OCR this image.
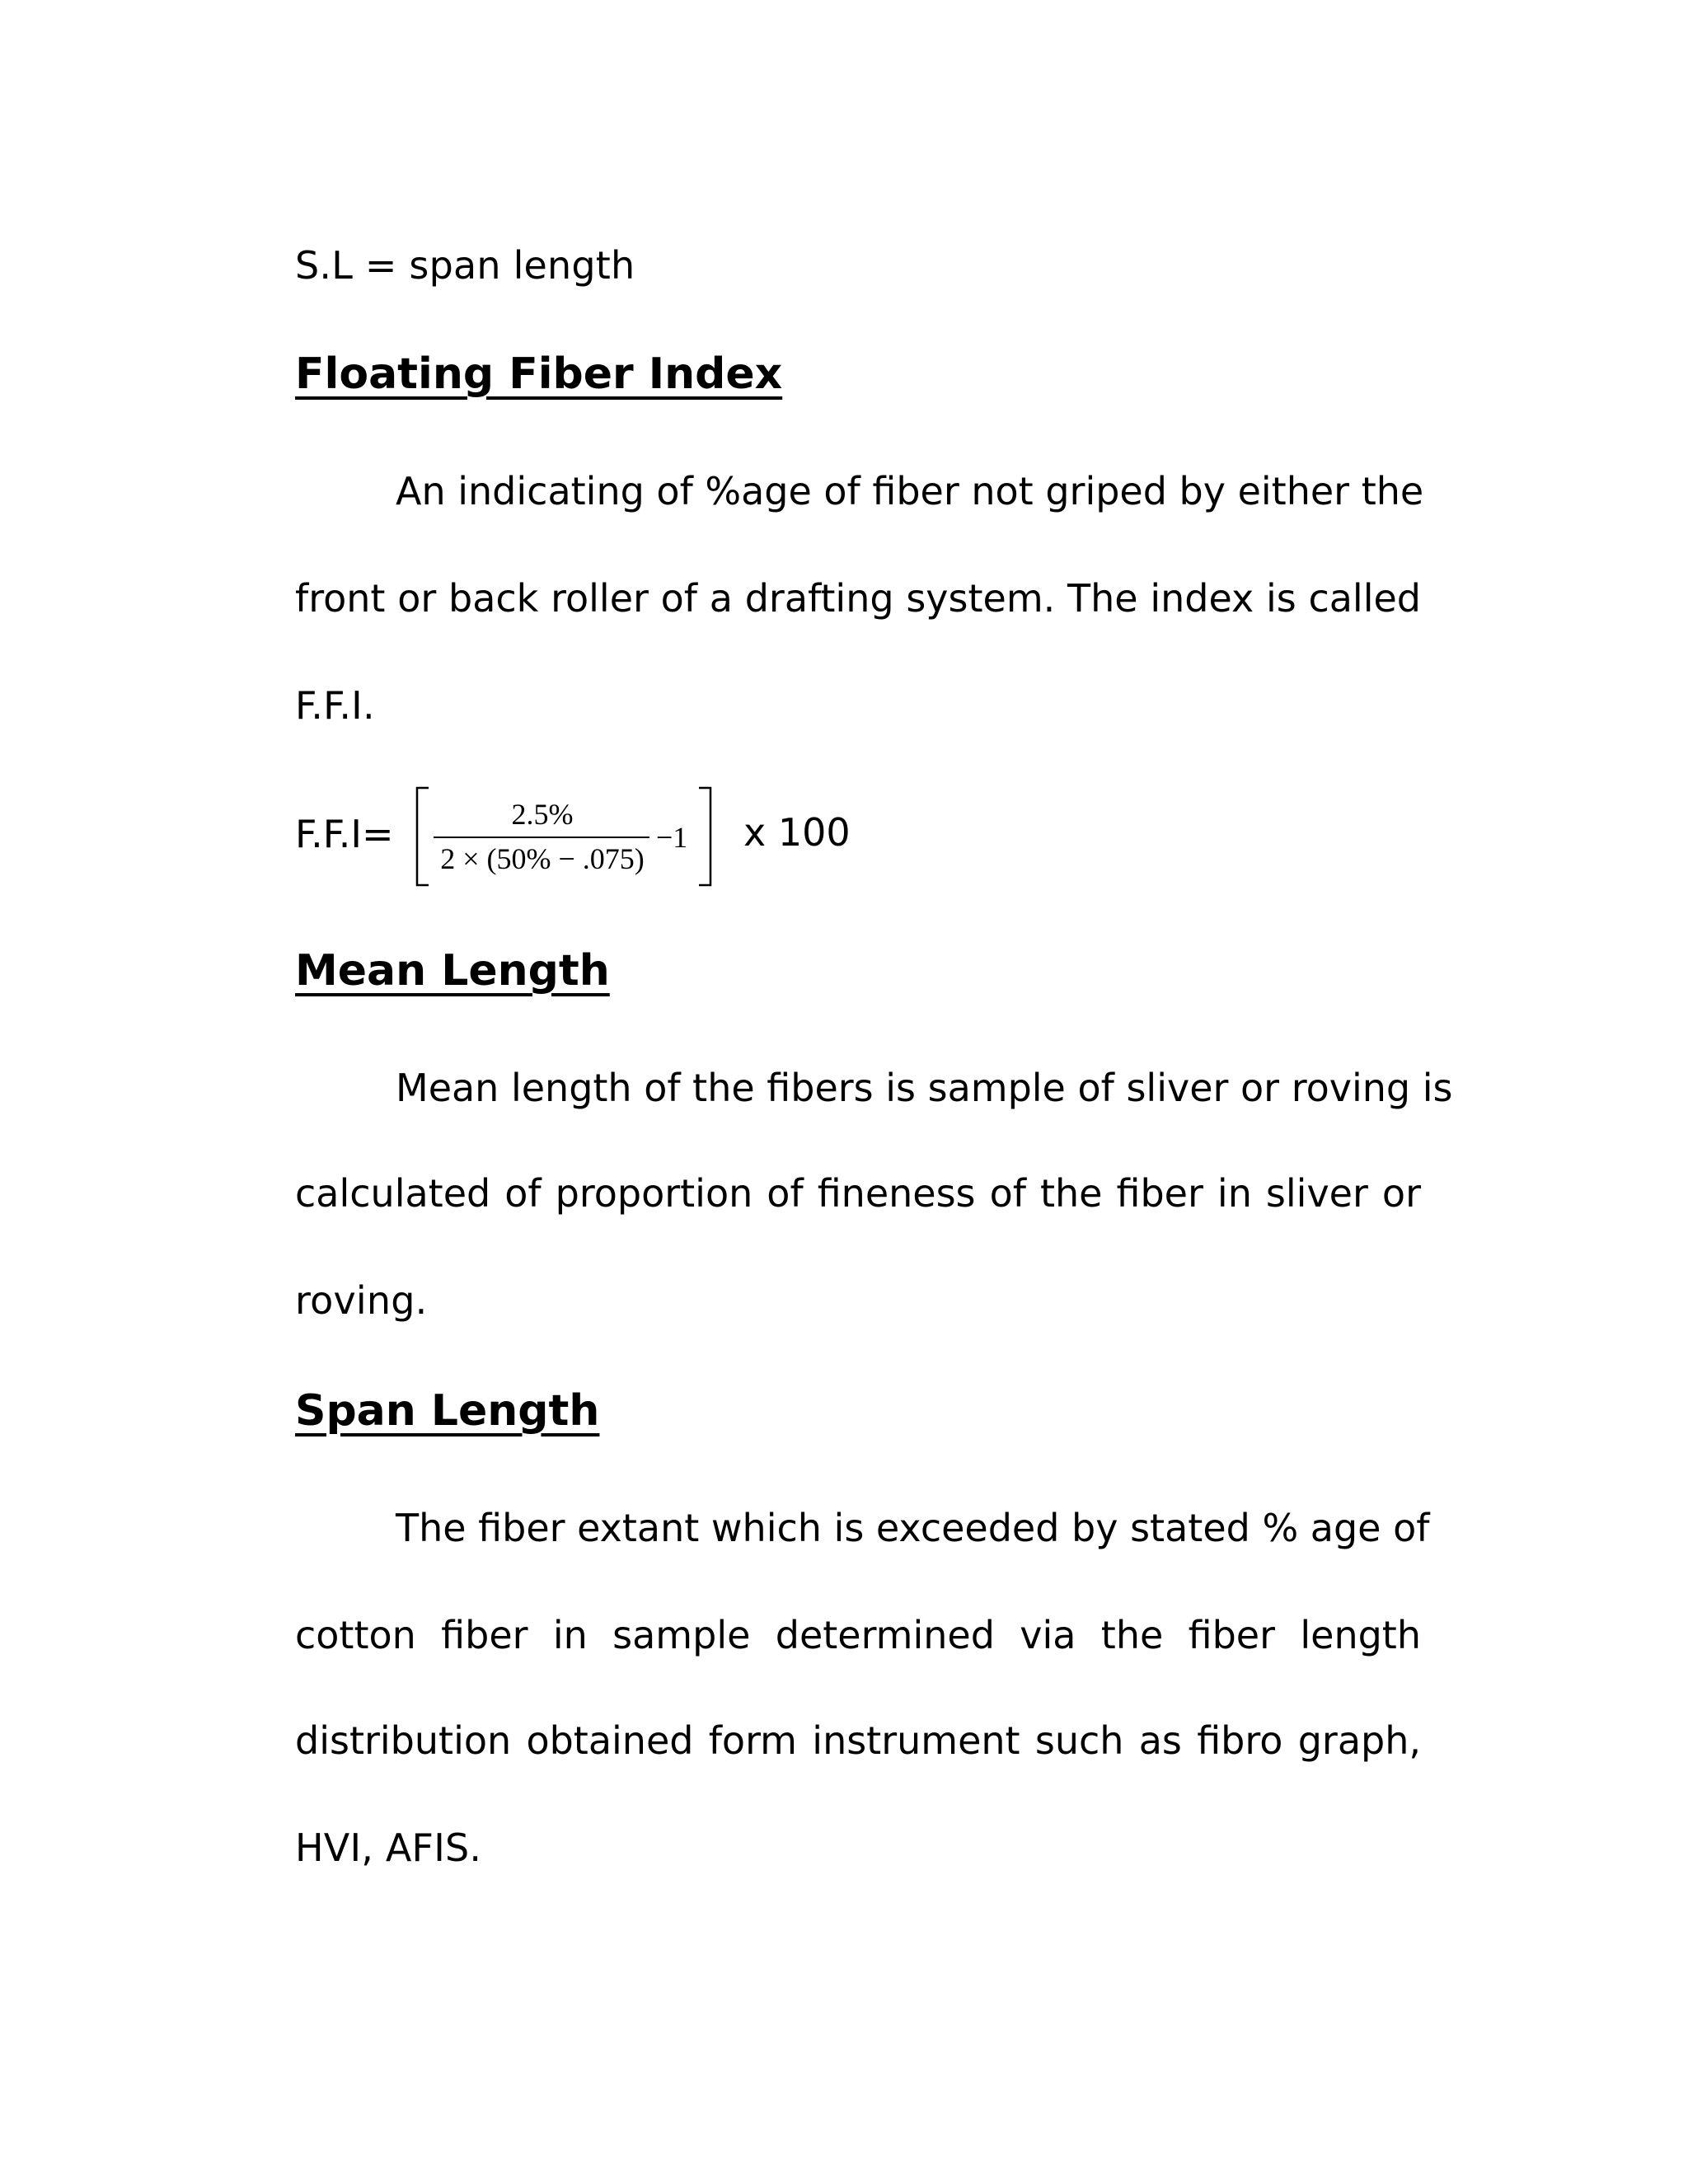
S.L = span length
Floating Fiber Index
An indicating of %age of fiber not griped by either the
front or back roller of a drafting system. The index is called
F.F.I.
F.F.I=	2.5%
2 × (50% − .075)
−1 x 100
Mean Length
Mean length of the fibers is sample of sliver or roving is
calculated of proportion of fineness of the fiber in sliver or
roving.
Span Length
The fiber extant which is exceeded by stated % age of
cotton fiber in sample determined via the fiber length
distribution obtained form instrument such as fibro graph,
HVI, AFIS.
